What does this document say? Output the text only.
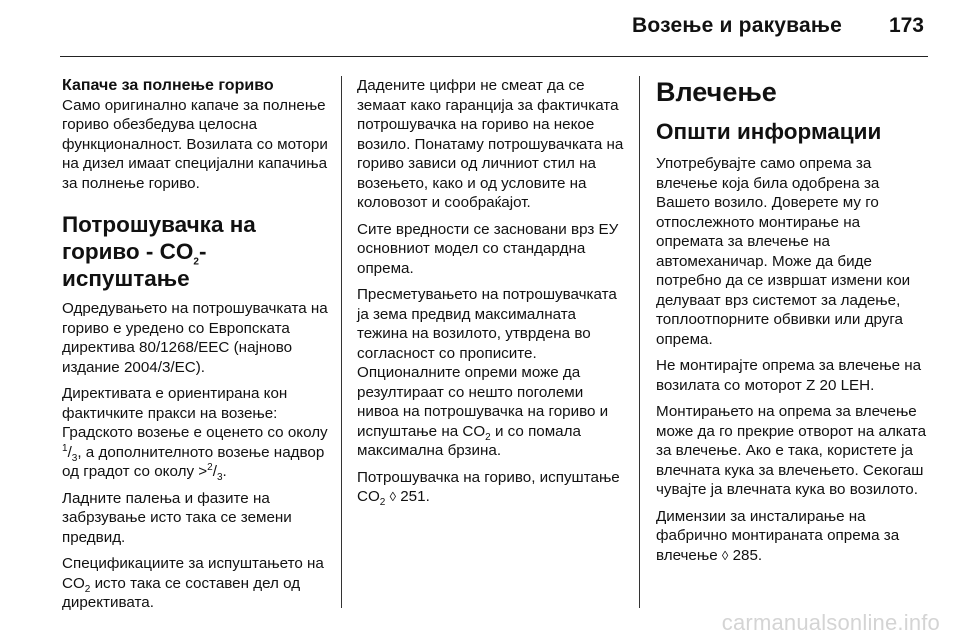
Возење и ракување 173
Капаче за полнење гориво

Само оригинално капаче за полнење гориво обезбедува целосна функционалност. Возилата со мотори на дизел имаат специјални капачиња за полнење гориво.

Потрошувачка на гориво - $CO_2$-испуштање

Одредувањето на потрошувачката на гориво е уредено со Европската директива 80/1268/EEC (најново издание 2004/3/EC).

Директивата е ориентирана кон фактичките пракси на возење: Градското возење е оценето со околу $^1/_3$, а дополнителното возење надвор од градот со околу $>^2/_3$.

Ладните палења и фазите на забрзување исто така се земени предвид.

Спецификациите за испуштањето на $CO_2$ исто така се составен дел од директивата.

Дадените цифри не смеат да се земаат како гаранција за фактичката потрошувачка на гориво на некое возило. Понатаму потрошувачката на гориво зависи од личниот стил на возењето, како и од условите на коловозот и сообраќајот.

Сите вредности се засновани врз ЕУ основниот модел со стандардна опрема.

Пресметувањето на потрошувачката ја зема предвид максималната тежина на возилото, утврдена во согласност со прописите. Опционалните опреми може да резултираат со нешто поголеми нивоа на потрошувачка на гориво и испуштање на $CO_2$ и со помала максимална брзина.

Потрошувачка на гориво, испуштање $CO_2$ ◊ 251.

Влечење
Општи информации

Употребувајте само опрема за влечење која била одобрена за Вашето возило. Доверете му го отпослежното монтирање на опремата за влечење на автомеханичар. Може да биде потребно да се извршат измени кои делуваат врз системот за ладење, топлоотпорните обвивки или друга опрема.

Не монтирајте опрема за влечење на возилата со моторот Z 20 LEH.

Монтирањето на опрема за влечење може да го прекрие отворот на алката за влечење. Ако е така, користете ја влечната кука за влечењето. Секогаш чувајте ја влечната кука во возилото.

Димензии за инсталирање на фабрично монтираната опрема за влечење ◊ 285.

carmanualsonline.info
